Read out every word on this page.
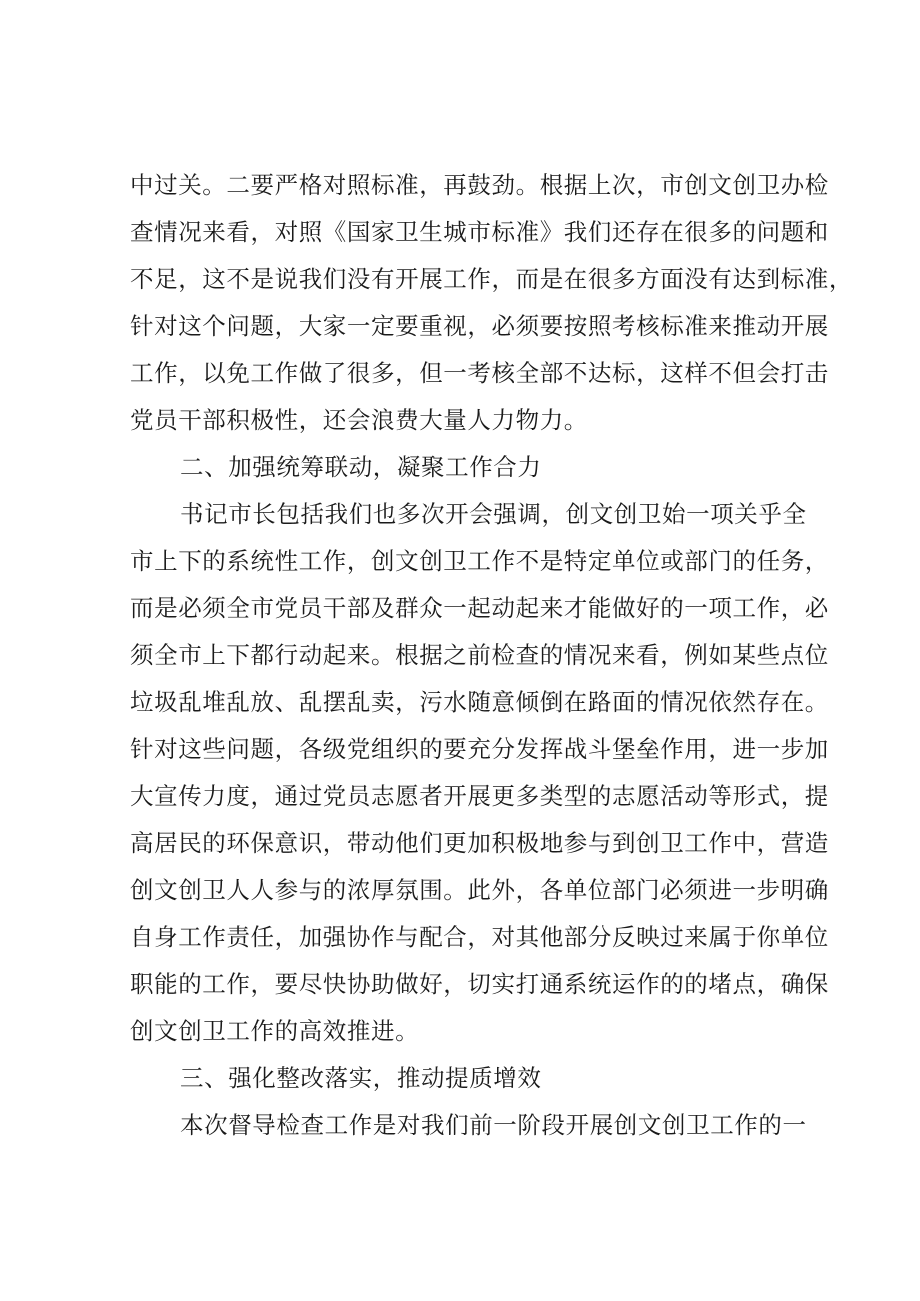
中过关。二要严格对照标准，再鼓劲。根据上次，市创文创卫办检
查情况来看，对照《国家卫生城市标准》我们还存在很多的问题和
不足，这不是说我们没有开展工作，而是在很多方面没有达到标准，
针对这个问题，大家一定要重视，必须要按照考核标准来推动开展
工作，以免工作做了很多，但一考核全部不达标，这样不但会打击
党员干部积极性，还会浪费大量人力物力。
二、加强统筹联动，凝聚工作合力
书记市长包括我们也多次开会强调，创文创卫始一项关乎全
市上下的系统性工作，创文创卫工作不是特定单位或部门的任务，
而是必须全市党员干部及群众一起动起来才能做好的一项工作，必
须全市上下都行动起来。根据之前检查的情况来看，例如某些点位
垃圾乱堆乱放、乱摆乱卖，污水随意倾倒在路面的情况依然存在。
针对这些问题，各级党组织的要充分发挥战斗堡垒作用，进一步加
大宣传力度，通过党员志愿者开展更多类型的志愿活动等形式，提
高居民的环保意识，带动他们更加积极地参与到创卫工作中，营造
创文创卫人人参与的浓厚氛围。此外，各单位部门必须进一步明确
自身工作责任，加强协作与配合，对其他部分反映过来属于你单位
职能的工作，要尽快协助做好，切实打通系统运作的的堵点，确保
创文创卫工作的高效推进。
三、强化整改落实，推动提质增效
本次督导检查工作是对我们前一阶段开展创文创卫工作的一
